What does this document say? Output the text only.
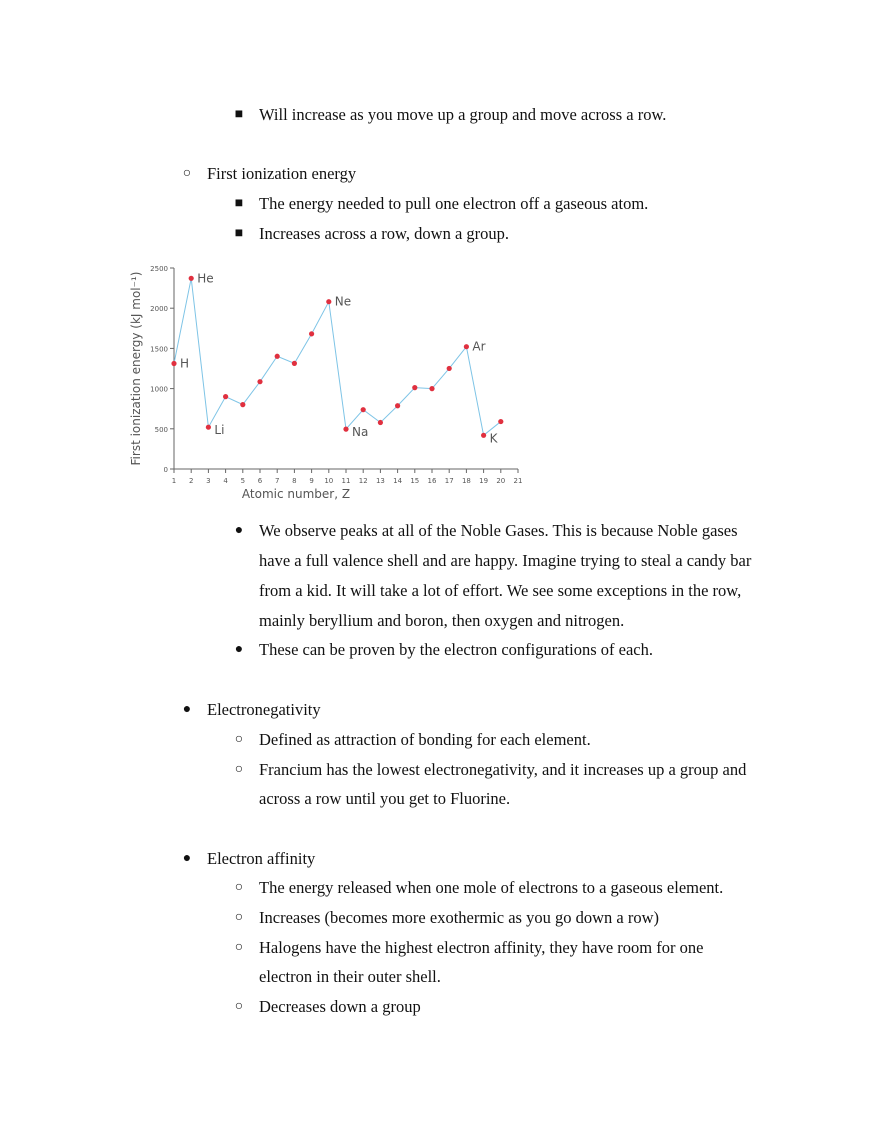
■ Will increase as you move up a group and move across a row.
○ First ionization energy
■ The energy needed to pull one electron off a gaseous atom.
■ Increases across a row, down a group.
● We observe peaks at all of the Noble Gases. This is because Noble gases
have a full valence shell and are happy. Imagine trying to steal a candy bar
from a kid. It will take a lot of effort. We see some exceptions in the row,
mainly beryllium and boron, then oxygen and nitrogen.
● These can be proven by the electron configurations of each.
● Electronegativity
○ Defined as attraction of bonding for each element.
○ Francium has the lowest electronegativity, and it increases up a group and
across a row until you get to Fluorine.
● Electron affinity
○ The energy released when one mole of electrons to a gaseous element.
○ Increases (becomes more exothermic as you go down a row)
○ Halogens have the highest electron affinity, they have room for one
electron in their outer shell.
○ Decreases down a group
0
500
1000
1500
2000
2500
1 2 3 4 5 6 7 8 9 10 11 12 13 14 15 16 17 18 19 20 21
Atomic number, Z
First ionization energy (kJ mol⁻¹)	H
He
Li
Ne
Na
Ar
K
